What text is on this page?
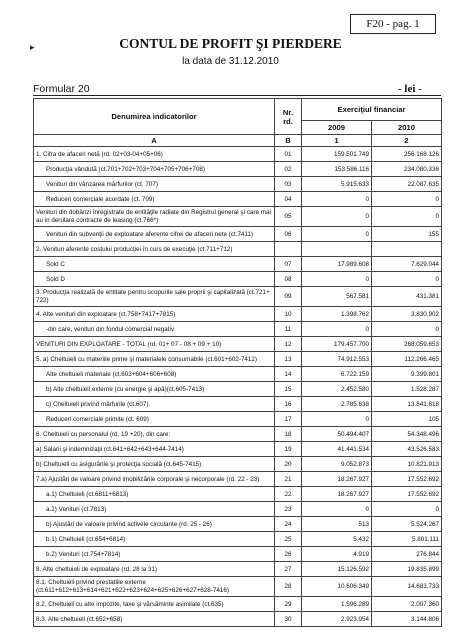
F20 - pag. 1
CONTUL DE PROFIT ŞI PIERDERE
la data de 31.12.2010
Formular 20	- lei -
▸
Denumirea indicatorilor	Nr.
rd.	Exerciţiul financiar	
		2009	2010
A	B	1	2
1. Cifra de afaceri netă (rd. 02+03-04+05+06)	01	159.501.749	256.168.126
Producţia vândută (ct.701+702+703+704+705+706+708)	02	153.586.116	234.080.336
Venituri din vânzarea mărfurilor (ct. 707)	03	5.915.633	22.087.635
Reduceri comerciale acordate (ct. 709)	04	0	0
Venituri din dobânzi înregistrate de entităţile radiate din Registrul general şi care mai au in derulare contracte de leasing (ct.766*)	05	0	0
Venituri din subvenţii de exploatare aferente cifrei de afaceri nete (ct.7411)	06	0	155
2. Venituri aferente costului producţiei în curs de execuţie (ct.711+712)			
Sold C	07	17.989.608	7.629.044
Sold D	08	0	0
3. Producţia realizată de entitate pentru scopurile sale proprii şi capitalizată (ct.721+ 722)	09	567.581	431.381
4. Alte venituri din exploatare (ct.758+7417+7815)	10	1.398.762	3.830.902
-din care, venituri din fondul comercial negativ	11	0	0
VENITURI DIN EXPLOATARE - TOTAL (rd. 01+ 07 - 08 + 09 + 10)	12	179.457.700	268.059.653
5. a) Cheltuieli cu materiile prime şi materialele consumabile (ct.601+602-7412)	13	74.912.553	112.266.465
Alte cheltuieli materiale (ct.603+604+606+608)	14	6.722.159	9.399.801
b) Alte cheltuieli externe (cu energie şi apă)(ct.605-7413)	15	2.452.580	1.528.287
c) Cheltuieli privind mărfurile (ct.607)	16	2.785.638	13.841.618
Reduceri comerciale primite (ct. 609)	17	0	105
6. Cheltuieli cu personalul (rd. 19 +20), din care:	18	50.494.407	54.348.496
a) Salarii şi indemnizaţii (ct.641+642+643+644-7414)	19	41.441.534	43.526.583
b) Cheltuieli cu asigurările şi protecţia socială (ct.645-7415)	20	9.052.873	10.821.913
7.a) Ajustări de valoare privind imobilizările corporale şi necorporale (rd. 22 - 23)	21	18.267.927	17.552.692
a.1) Cheltuieli (ct.6811+6813)	22	18.267.927	17.552.692
a.2) Venituri (ct.7813)	23	0	0
b) Ajustări de valoare privind activele circulante (rd. 25 - 26)	24	513	5.524.267
b.1) Cheltuieli (ct.654+6814)	25	5.432	5.801.111
b.2) Venituri (ct.754+7814)	26	4.919	276.844
8. Alte cheltuieli de exploatare (rd. 28 la 31)	27	15.126.592	19.835.899
8.1. Cheltuieli privind prestatiile externe (ct.611+612+613+614+621+622+623+624+625+626+627+628-7416)	28	10.606.349	14.683.733
8.2. Cheltuieli cu alte impozite, taxe şi vărsăminte asimilate (ct.635)	29	1.596.289	2.007.360
8.3. Alte cheltuieli (ct.652+658)	30	2.923.954	3.144.806
